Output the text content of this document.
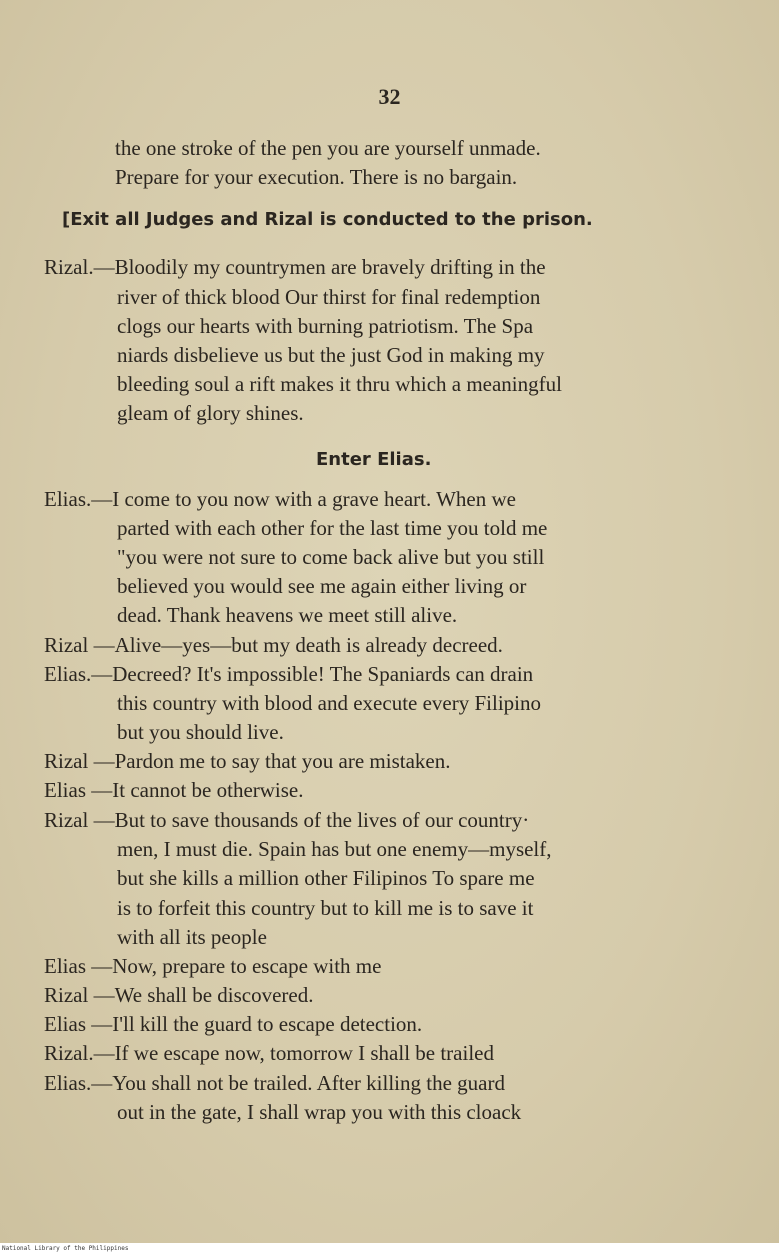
32
the one stroke of the pen you are yourself unmade.
Prepare for your execution. There is no bargain.
[Exit all Judges and Rizal is conducted to the prison.
Rizal.—Bloodily my countrymen are bravely drifting in the
river of thick blood Our thirst for final redemption
clogs our hearts with burning patriotism. The Spa
niards disbelieve us but the just God in making my
bleeding soul a rift makes it thru which a meaningful
gleam of glory shines.
Enter Elias.
Elias.—I come to you now with a grave heart. When we
parted with each other for the last time you told me
"you were not sure to come back alive but you still
believed you would see me again either living or
dead. Thank heavens we meet still alive.
Rizal —Alive—yes—but my death is already decreed.
Elias.—Decreed? It's impossible! The Spaniards can drain
this country with blood and execute every Filipino
but you should live.
Rizal —Pardon me to say that you are mistaken.
Elias —It cannot be otherwise.
Rizal —But to save thousands of the lives of our country·
men, I must die. Spain has but one enemy—myself,
but she kills a million other Filipinos To spare me
is to forfeit this country but to kill me is to save it
with all its people
Elias —Now, prepare to escape with me
Rizal —We shall be discovered.
Elias —I'll kill the guard to escape detection.
Rizal.—If we escape now, tomorrow I shall be trailed
Elias.—You shall not be trailed. After killing the guard
out in the gate, I shall wrap you with this cloack
National Library of the Philippines
